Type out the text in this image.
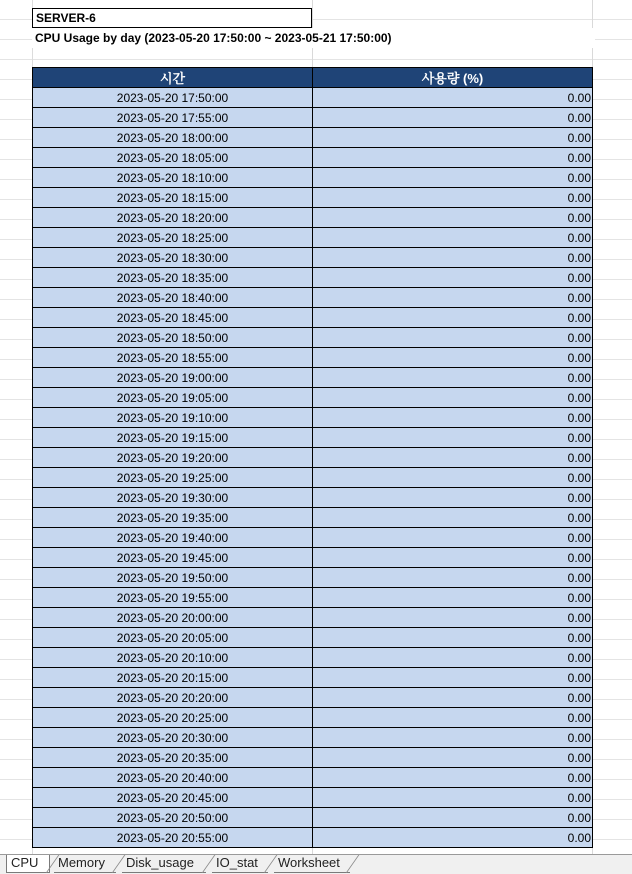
SERVER-6
CPU Usage by day (2023-05-20 17:50:00 ~ 2023-05-21 17:50:00)
시간	사용량 (%)
2023-05-20 17:50:00	0.00
2023-05-20 17:55:00	0.00
2023-05-20 18:00:00	0.00
2023-05-20 18:05:00	0.00
2023-05-20 18:10:00	0.00
2023-05-20 18:15:00	0.00
2023-05-20 18:20:00	0.00
2023-05-20 18:25:00	0.00
2023-05-20 18:30:00	0.00
2023-05-20 18:35:00	0.00
2023-05-20 18:40:00	0.00
2023-05-20 18:45:00	0.00
2023-05-20 18:50:00	0.00
2023-05-20 18:55:00	0.00
2023-05-20 19:00:00	0.00
2023-05-20 19:05:00	0.00
2023-05-20 19:10:00	0.00
2023-05-20 19:15:00	0.00
2023-05-20 19:20:00	0.00
2023-05-20 19:25:00	0.00
2023-05-20 19:30:00	0.00
2023-05-20 19:35:00	0.00
2023-05-20 19:40:00	0.00
2023-05-20 19:45:00	0.00
2023-05-20 19:50:00	0.00
2023-05-20 19:55:00	0.00
2023-05-20 20:00:00	0.00
2023-05-20 20:05:00	0.00
2023-05-20 20:10:00	0.00
2023-05-20 20:15:00	0.00
2023-05-20 20:20:00	0.00
2023-05-20 20:25:00	0.00
2023-05-20 20:30:00	0.00
2023-05-20 20:35:00	0.00
2023-05-20 20:40:00	0.00
2023-05-20 20:45:00	0.00
2023-05-20 20:50:00	0.00
2023-05-20 20:55:00	0.00
CPU	Memory	Disk_usage	IO_stat	Worksheet
